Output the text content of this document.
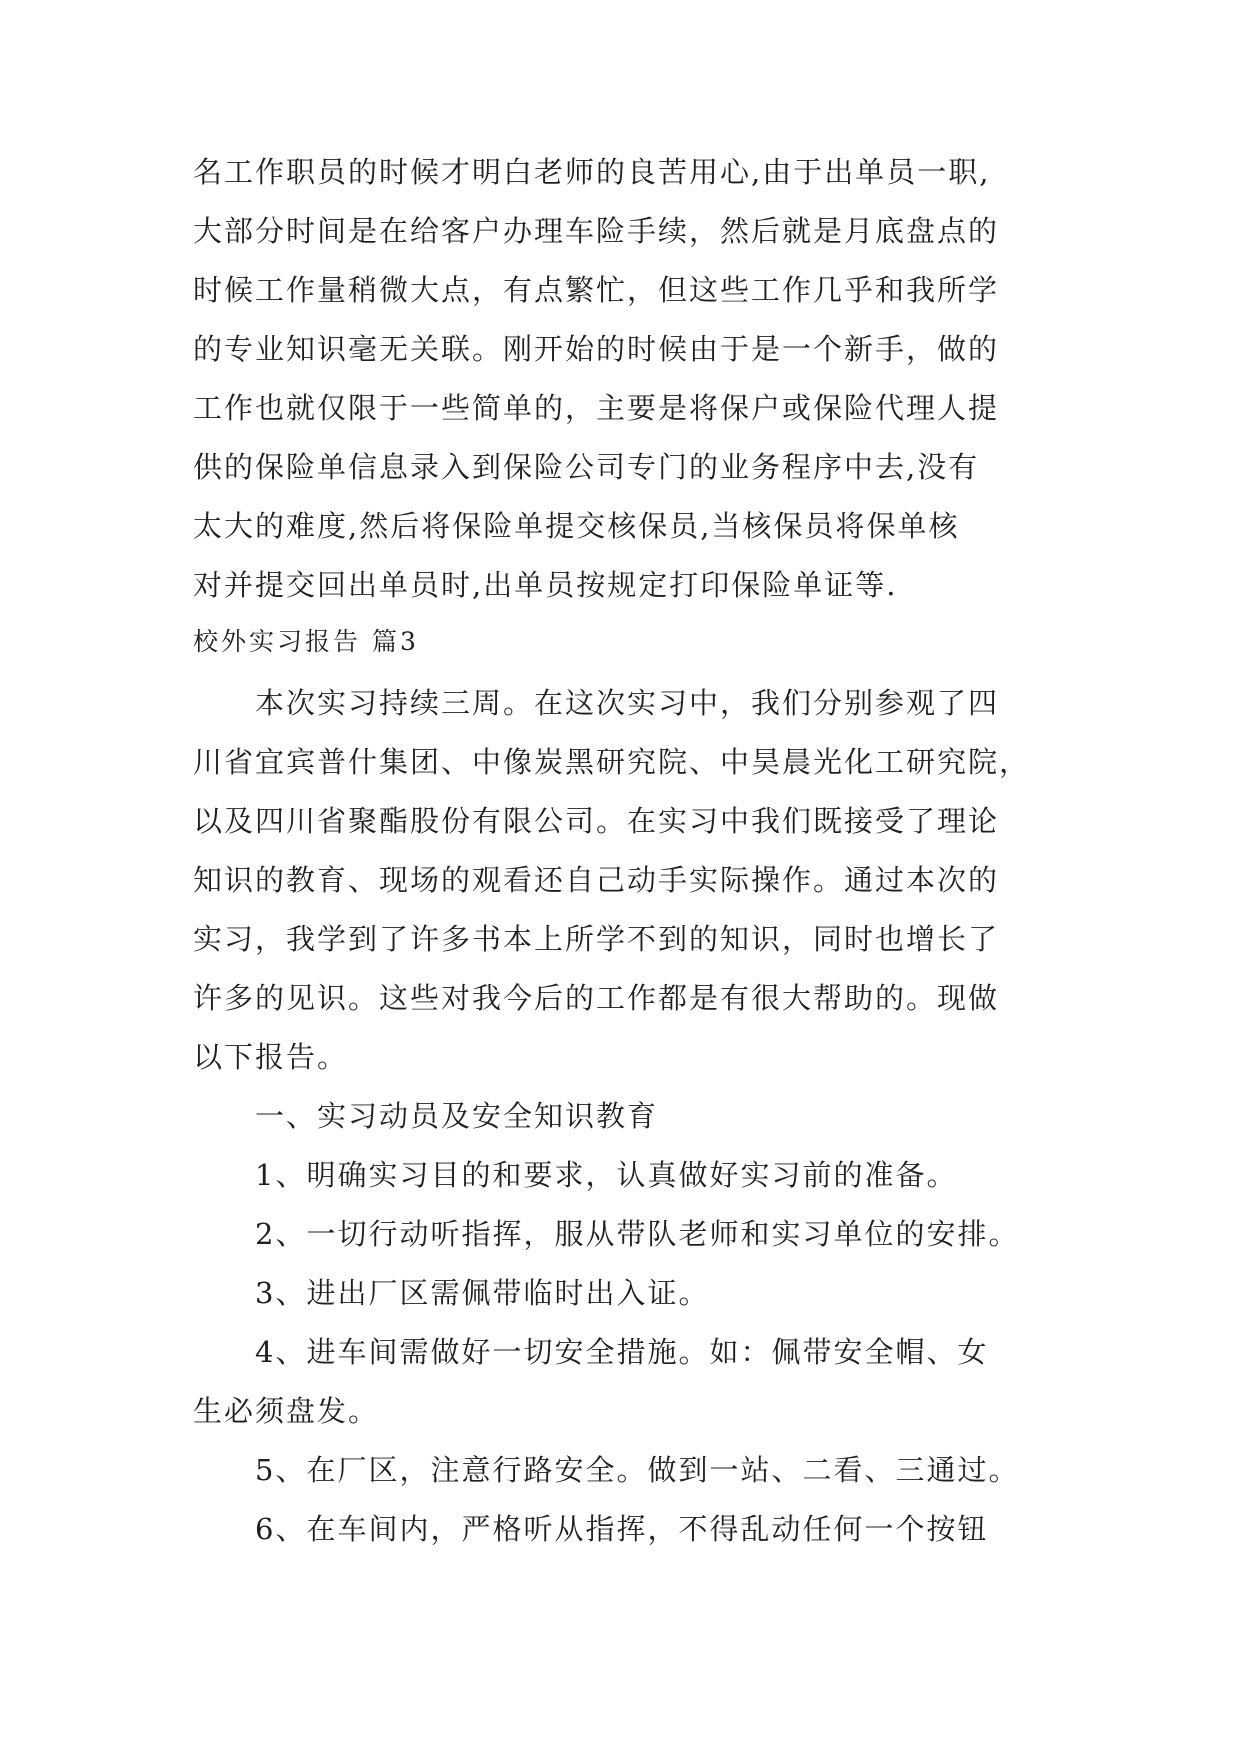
名工作职员的时候才明白老师的良苦用心,由于出单员一职,
大部分时间是在给客户办理车险手续，然后就是月底盘点的
时候工作量稍微大点，有点繁忙，但这些工作几乎和我所学
的专业知识毫无关联。刚开始的时候由于是一个新手，做的
工作也就仅限于一些简单的，主要是将保户或保险代理人提
供的保险单信息录入到保险公司专门的业务程序中去,没有
太大的难度,然后将保险单提交核保员,当核保员将保单核
对并提交回出单员时,出单员按规定打印保险单证等.
校外实习报告 篇3
本次实习持续三周。在这次实习中，我们分别参观了四
川省宜宾普什集团、中像炭黑研究院、中昊晨光化工研究院，
以及四川省聚酯股份有限公司。在实习中我们既接受了理论
知识的教育、现场的观看还自己动手实际操作。通过本次的
实习，我学到了许多书本上所学不到的知识，同时也增长了
许多的见识。这些对我今后的工作都是有很大帮助的。现做
以下报告。
一、实习动员及安全知识教育
1、明确实习目的和要求，认真做好实习前的准备。
2、一切行动听指挥，服从带队老师和实习单位的安排。
3、进出厂区需佩带临时出入证。
4、进车间需做好一切安全措施。如：佩带安全帽、女
生必须盘发。
5、在厂区，注意行路安全。做到一站、二看、三通过。
6、在车间内，严格听从指挥，不得乱动任何一个按钮
